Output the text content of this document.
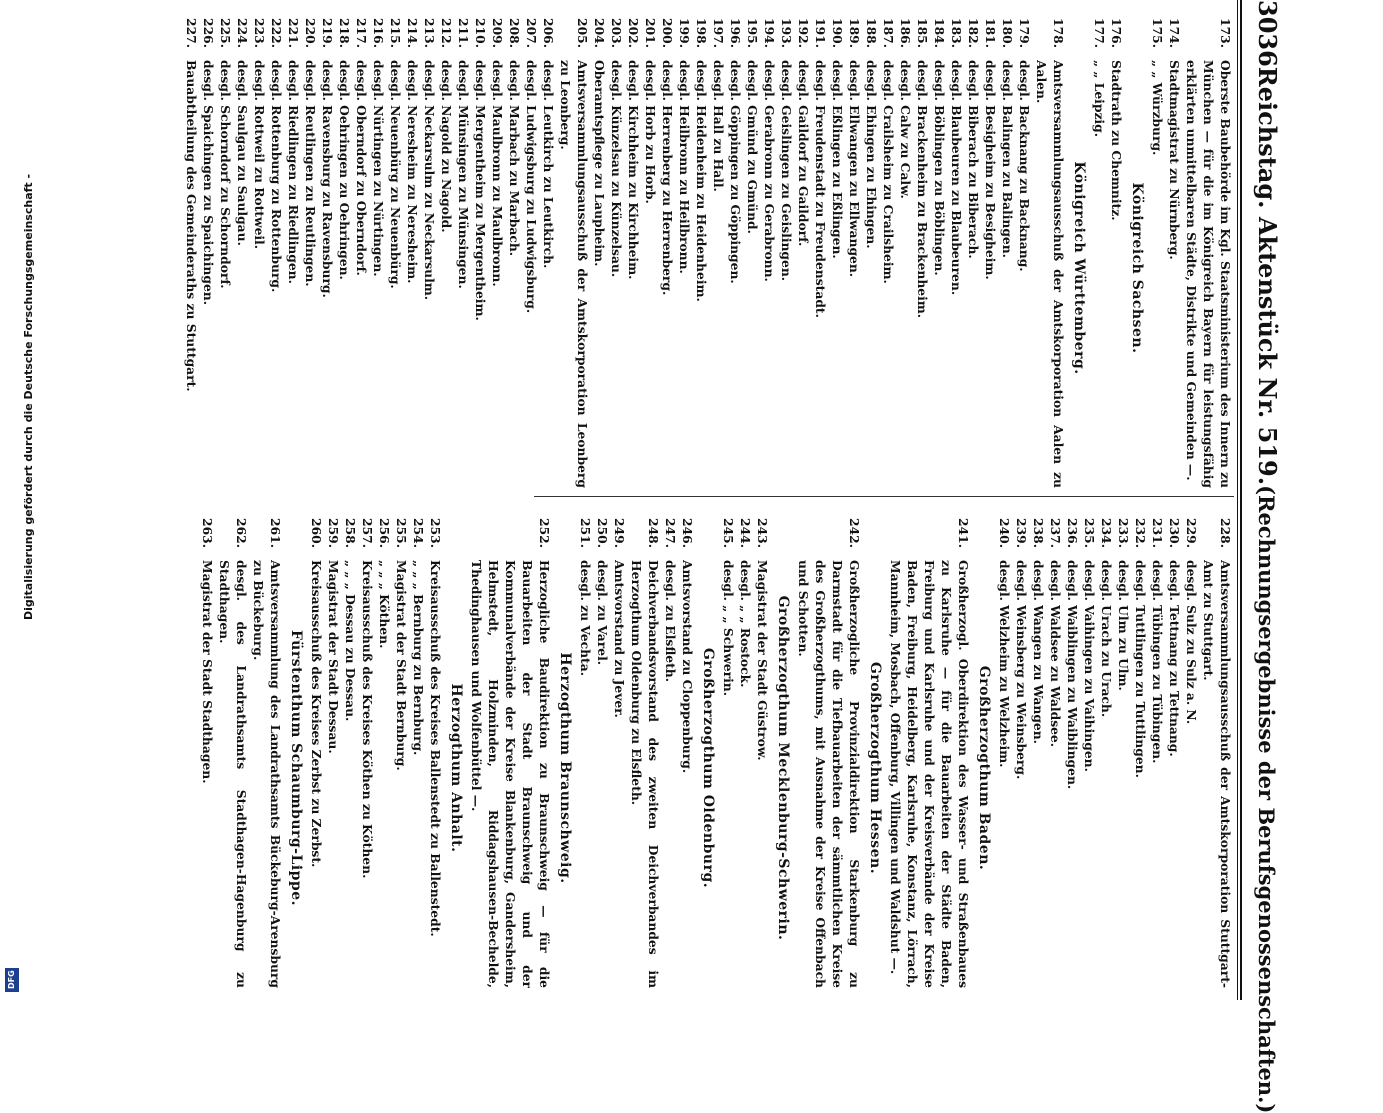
3036
Reichstag. Aktenstück Nr. 519.
(Rechnungsergebnisse der Berufsgenossenschaften.)
173.
Oberste Baubehörde im Kgl. Staatsministerium des Innern zu München — für die im Königreich Bayern für leistungsfähig erklärten unmittelbaren Städte, Distrikte und Gemeinden —.
174.
Stadtmagistrat zu Nürnberg.
175.
„ „ Würzburg.
Königreich Sachsen.
176.
Stadtrath zu Chemnitz.
177.
„ „ Leipzig.
Königreich Württemberg.
178.
Amtsversammlungsausschuß der Amtskorporation Aalen zu Aalen.
179.
desgl. Backnang zu Backnang.
180.
desgl. Balingen zu Balingen.
181.
desgl. Besigheim zu Besigheim.
182.
desgl. Biberach zu Biberach.
183.
desgl. Blaubeuren zu Blaubeuren.
184.
desgl. Böblingen zu Böblingen.
185.
desgl. Brackenheim zu Brackenheim.
186.
desgl. Calw zu Calw.
187.
desgl. Crailsheim zu Crailsheim.
188.
desgl. Ehingen zu Ehingen.
189.
desgl. Ellwangen zu Ellwangen.
190.
desgl. Eßlingen zu Eßlingen.
191.
desgl. Freudenstadt zu Freudenstadt.
192.
desgl. Gaildorf zu Gaildorf.
193.
desgl. Geislingen zu Geislingen.
194.
desgl. Gerabronn zu Gerabronn.
195.
desgl. Gmünd zu Gmünd.
196.
desgl. Göppingen zu Göppingen.
197.
desgl. Hall zu Hall.
198.
desgl. Heidenheim zu Heidenheim.
199.
desgl. Heilbronn zu Heilbronn.
200.
desgl. Herrenberg zu Herrenberg.
201.
desgl. Horb zu Horb.
202.
desgl. Kirchheim zu Kirchheim.
203.
desgl. Künzelsau zu Künzelsau.
204.
Oberamtspflege zu Laupheim.
205.
Amtsversammlungsausschuß der Amtskorporation Leonberg zu Leonberg.
206.
desgl. Leutkirch zu Leutkirch.
207.
desgl. Ludwigsburg zu Ludwigsburg.
208.
desgl. Marbach zu Marbach.
209.
desgl. Maulbronn zu Maulbronn.
210.
desgl. Mergentheim zu Mergentheim.
211.
desgl. Münsingen zu Münsingen.
212.
desgl. Nagold zu Nagold.
213.
desgl. Neckarsulm zu Neckarsulm.
214.
desgl. Neresheim zu Neresheim.
215.
desgl. Neuenbürg zu Neuenbürg.
216.
desgl. Nürtingen zu Nürtingen.
217.
desgl. Oberndorf zu Oberndorf.
218.
desgl. Oehringen zu Oehringen.
219.
desgl. Ravensburg zu Ravensburg.
220.
desgl. Reutlingen zu Reutlingen.
221.
desgl. Riedlingen zu Riedlingen.
222.
desgl. Rottenburg zu Rottenburg.
223.
desgl. Rottweil zu Rottweil.
224.
desgl. Saulgau zu Saulgau.
225.
desgl. Schorndorf zu Schorndorf.
226.
desgl. Spaichingen zu Spaichingen.
227.
Bauabtheilung des Gemeinderaths zu Stuttgart.
228.
Amtsversammlungsausschuß der Amtskorporation Stuttgart-Amt zu Stuttgart.
229.
desgl. Sulz zu Sulz a. N.
230.
desgl. Tettnang zu Tettnang.
231.
desgl. Tübingen zu Tübingen.
232.
desgl. Tuttlingen zu Tuttlingen.
233.
desgl. Ulm zu Ulm.
234.
desgl. Urach zu Urach.
235.
desgl. Vaihingen zu Vaihingen.
236.
desgl. Waiblingen zu Waiblingen.
237.
desgl. Waldsee zu Waldsee.
238.
desgl. Wangen zu Wangen.
239.
desgl. Weinsberg zu Weinsberg.
240.
desgl. Welzheim zu Welzheim.
Großherzogthum Baden.
241.
Großherzogl. Oberdirektion des Wasser- und Straßenbaues zu Karlsruhe — für die Bauarbeiten der Städte Baden, Freiburg und Karlsruhe und der Kreisverbände der Kreise Baden, Freiburg, Heidelberg, Karlsruhe, Konstanz, Lörrach, Mannheim, Mosbach, Offenburg, Villingen und Waldshut —.
Großherzogthum Hessen.
242.
Großherzogliche Provinzialdirektion Starkenburg zu Darmstadt für die Tiefbauarbeiten der sämmtlichen Kreise des Großherzogthums, mit Ausnahme der Kreise Offenbach und Schotten.
Großherzogthum Mecklenburg-Schwerin.
243.
Magistrat der Stadt Güstrow.
244.
desgl. „ „ Rostock.
245.
desgl. „ „ Schwerin.
Großherzogthum Oldenburg.
246.
Amtsvorstand zu Cloppenburg.
247.
desgl. zu Elsfleth.
248.
Deichverbandsvorstand des zweiten Deichverbandes im Herzogthum Oldenburg zu Elsfleth.
249.
Amtsvorstand zu Jever.
250.
desgl. zu Varel.
251.
desgl. zu Vechta.
Herzogthum Braunschweig.
252.
Herzogliche Baudirektion zu Braunschweig — für die Bauarbeiten der Stadt Braunschweig und der Kommunalverbände der Kreise Blankenburg, Gandersheim, Helmstedt, Holzminden, Riddagshausen-Bechelde, Thedinghausen und Wolfenbüttel —.
Herzogthum Anhalt.
253.
Kreisausschuß des Kreises Ballenstedt zu Ballenstedt.
254.
„ „ „ Bernburg zu Bernburg.
255.
Magistrat der Stadt Bernburg.
256.
„ „ „ Köthen.
257.
Kreisausschuß des Kreises Köthen zu Köthen.
258.
„ „ „ Dessau zu Dessau.
259.
Magistrat der Stadt Dessau.
260.
Kreisausschuß des Kreises Zerbst zu Zerbst.
Fürstenthum Schaumburg-Lippe.
261.
Amtsversammlung des Landrathsamts Bückeburg-Arensburg zu Bückeburg.
262.
desgl. des Landrathsamts Stadthagen-Hagenburg zu Stadthagen.
263.
Magistrat der Stadt Stadthagen.
Digitalisierung gefördert durch die Deutsche Forschungsgemeinschaft -
DFG
